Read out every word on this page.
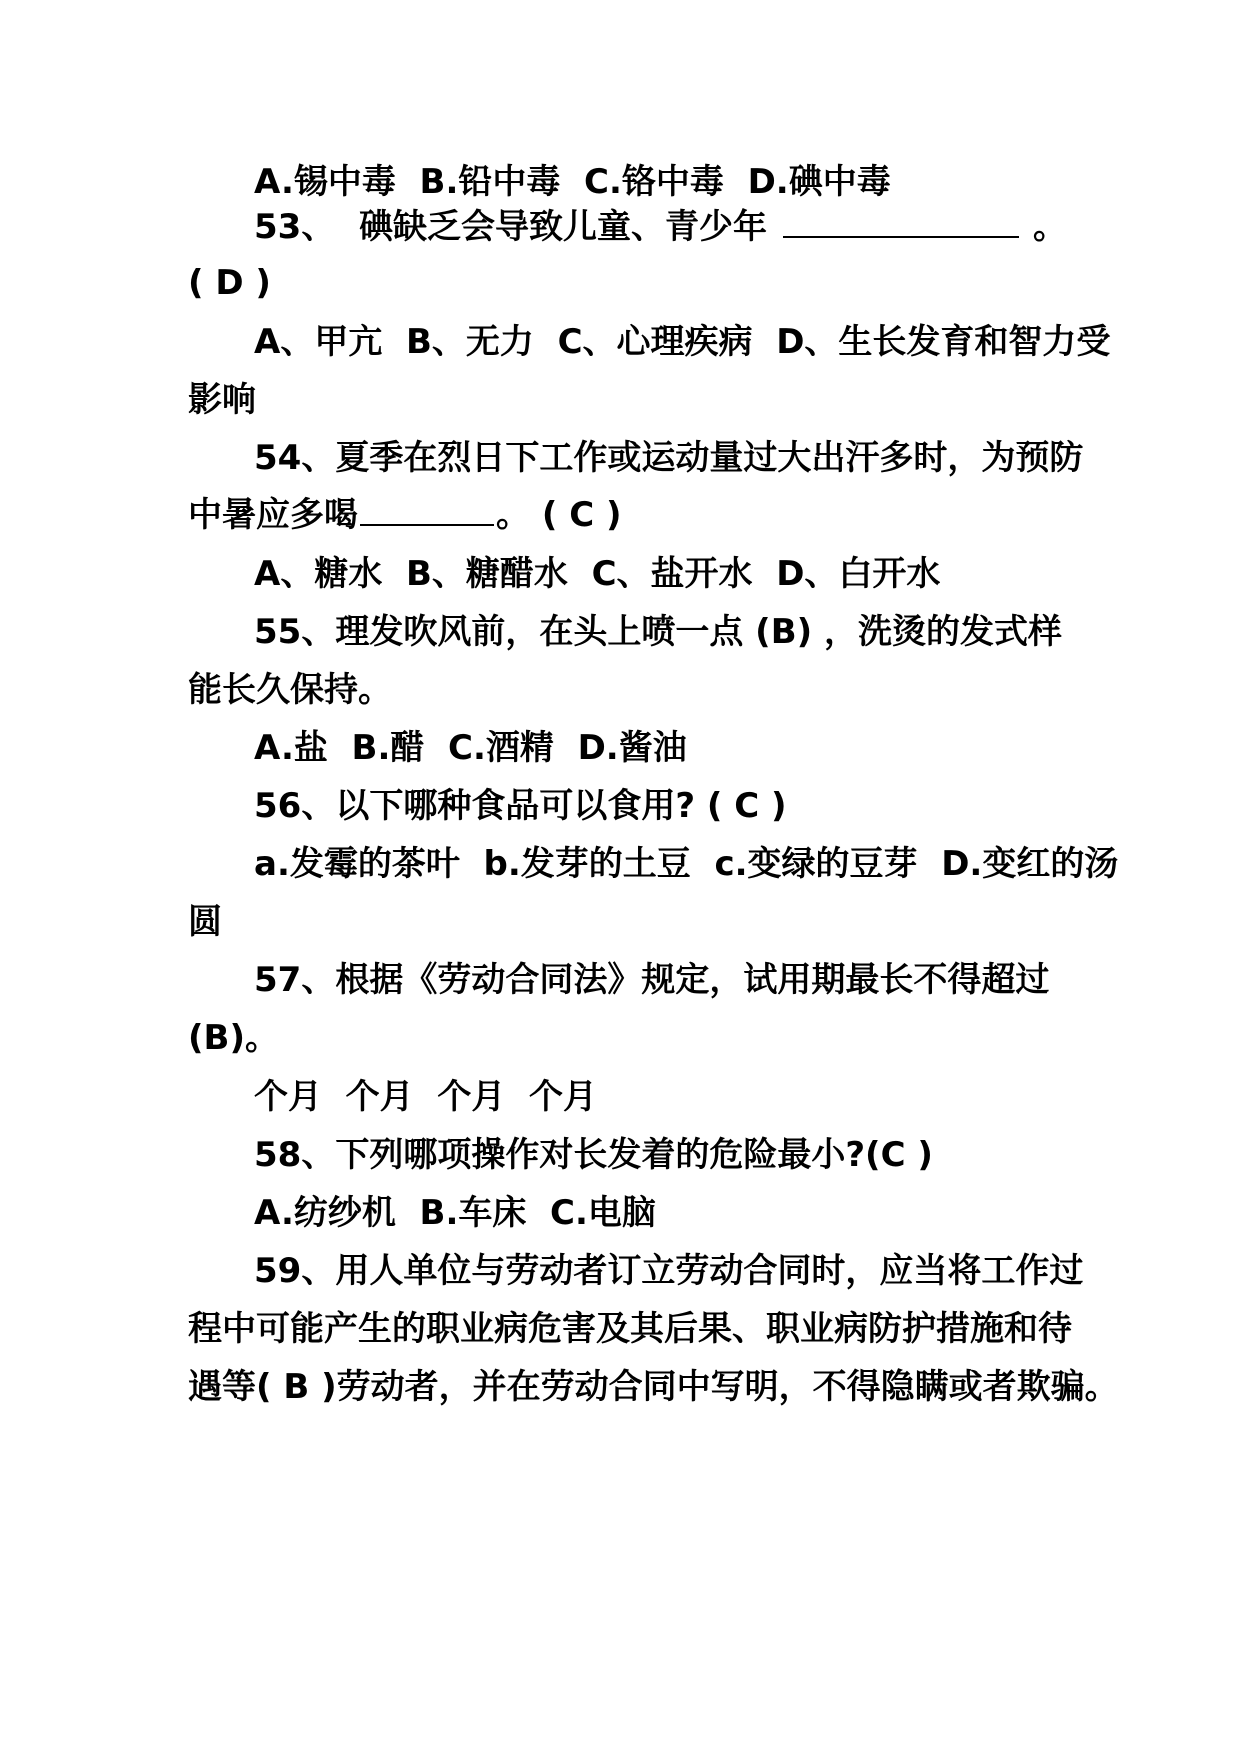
A.锡中毒  B.铅中毒  C.铬中毒  D.碘中毒
53、  碘缺乏会导致儿童、青少年	。
( D )
A、甲亢  B、无力  C、心理疾病  D、生长发育和智力受
影响
54、夏季在烈日下工作或运动量过大出汗多时，为预防
中暑应多喝	。 ( C )
A、糖水  B、糖醋水  C、盐开水  D、白开水
55、理发吹风前，在头上喷一点 (B) ，洗烫的发式样
能长久保持。
A.盐  B.醋  C.酒精  D.酱油
56、以下哪种食品可以食用? ( C )
a.发霉的茶叶  b.发芽的土豆  c.变绿的豆芽  D.变红的汤
圆
57、根据《劳动合同法》规定，试用期最长不得超过
(B)。
个月  个月  个月  个月
58、下列哪项操作对长发着的危险最小?(C )
A.纺纱机  B.车床  C.电脑
59、用人单位与劳动者订立劳动合同时，应当将工作过
程中可能产生的职业病危害及其后果、职业病防护措施和待
遇等( B )劳动者，并在劳动合同中写明，不得隐瞒或者欺骗。
